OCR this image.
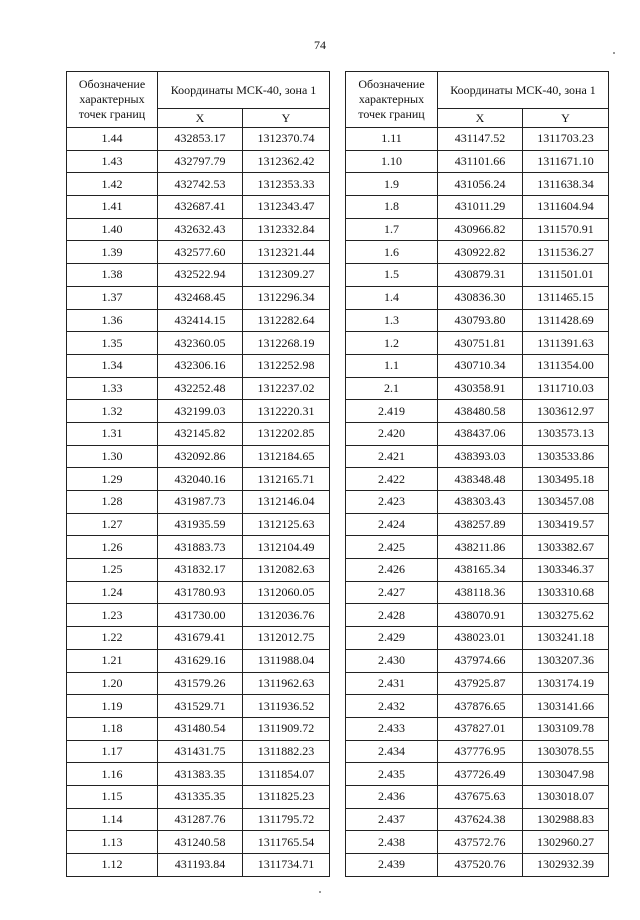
74
Обозначение характерных точек границ	Координаты МСК-40, зона 1	
	X	Y
1.44	432853.17	1312370.74
1.43	432797.79	1312362.42
1.42	432742.53	1312353.33
1.41	432687.41	1312343.47
1.40	432632.43	1312332.84
1.39	432577.60	1312321.44
1.38	432522.94	1312309.27
1.37	432468.45	1312296.34
1.36	432414.15	1312282.64
1.35	432360.05	1312268.19
1.34	432306.16	1312252.98
1.33	432252.48	1312237.02
1.32	432199.03	1312220.31
1.31	432145.82	1312202.85
1.30	432092.86	1312184.65
1.29	432040.16	1312165.71
1.28	431987.73	1312146.04
1.27	431935.59	1312125.63
1.26	431883.73	1312104.49
1.25	431832.17	1312082.63
1.24	431780.93	1312060.05
1.23	431730.00	1312036.76
1.22	431679.41	1312012.75
1.21	431629.16	1311988.04
1.20	431579.26	1311962.63
1.19	431529.71	1311936.52
1.18	431480.54	1311909.72
1.17	431431.75	1311882.23
1.16	431383.35	1311854.07
1.15	431335.35	1311825.23
1.14	431287.76	1311795.72
1.13	431240.58	1311765.54
1.12	431193.84	1311734.71
Обозначение характерных точек границ	Координаты МСК-40, зона 1	
	X	Y
1.11	431147.52	1311703.23
1.10	431101.66	1311671.10
1.9	431056.24	1311638.34
1.8	431011.29	1311604.94
1.7	430966.82	1311570.91
1.6	430922.82	1311536.27
1.5	430879.31	1311501.01
1.4	430836.30	1311465.15
1.3	430793.80	1311428.69
1.2	430751.81	1311391.63
1.1	430710.34	1311354.00
2.1	430358.91	1311710.03
2.419	438480.58	1303612.97
2.420	438437.06	1303573.13
2.421	438393.03	1303533.86
2.422	438348.48	1303495.18
2.423	438303.43	1303457.08
2.424	438257.89	1303419.57
2.425	438211.86	1303382.67
2.426	438165.34	1303346.37
2.427	438118.36	1303310.68
2.428	438070.91	1303275.62
2.429	438023.01	1303241.18
2.430	437974.66	1303207.36
2.431	437925.87	1303174.19
2.432	437876.65	1303141.66
2.433	437827.01	1303109.78
2.434	437776.95	1303078.55
2.435	437726.49	1303047.98
2.436	437675.63	1303018.07
2.437	437624.38	1302988.83
2.438	437572.76	1302960.27
2.439	437520.76	1302932.39
